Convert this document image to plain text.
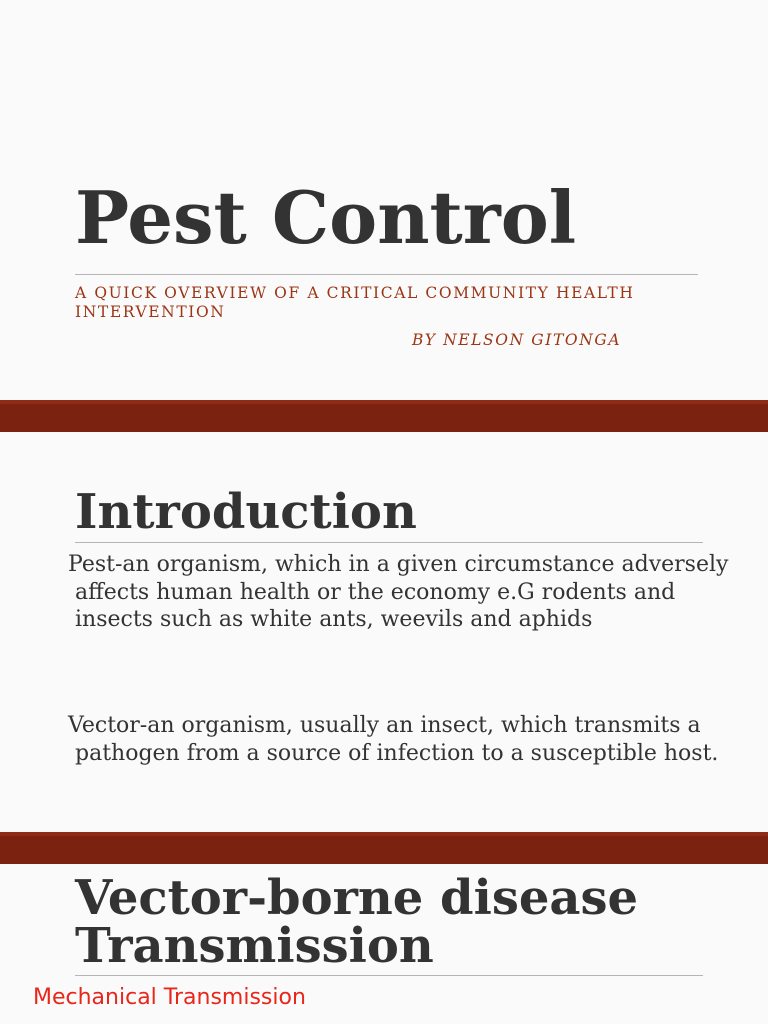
Pest Control

A QUICK OVERVIEW OF A CRITICAL COMMUNITY HEALTH INTERVENTION

BY NELSON GITONGA

Introduction

Pest-an organism, which in a given circumstance adversely affects human health or the economy e.G rodents and insects such as white ants, weevils and aphids

Vector-an organism, usually an insect, which transmits a pathogen from a source of infection to a susceptible host.

Vector-borne disease Transmission

Mechanical Transmission
